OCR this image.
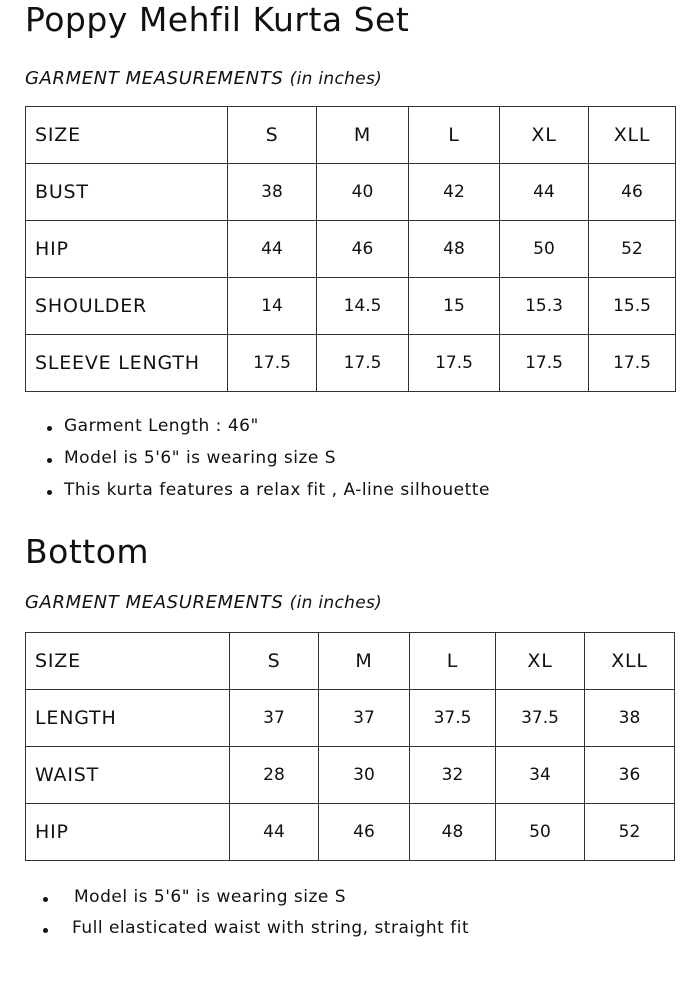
Poppy Mehfil Kurta Set
GARMENT MEASUREMENTS (in inches)
SIZE	S	M	L	XL	XLL
BUST	38	40	42	44	46
HIP	44	46	48	50	52
SHOULDER	14	14.5	15	15.3	15.5
SLEEVE LENGTH	17.5	17.5	17.5	17.5	17.5
Garment Length : 46"
Model is 5'6" is wearing size S
This kurta features a relax fit , A-line silhouette
Bottom
GARMENT MEASUREMENTS (in inches)
SIZE	S	M	L	XL	XLL
LENGTH	37	37	37.5	37.5	38
WAIST	28	30	32	34	36
HIP	44	46	48	50	52
Model is 5'6" is wearing size S
Full elasticated waist with string, straight fit
